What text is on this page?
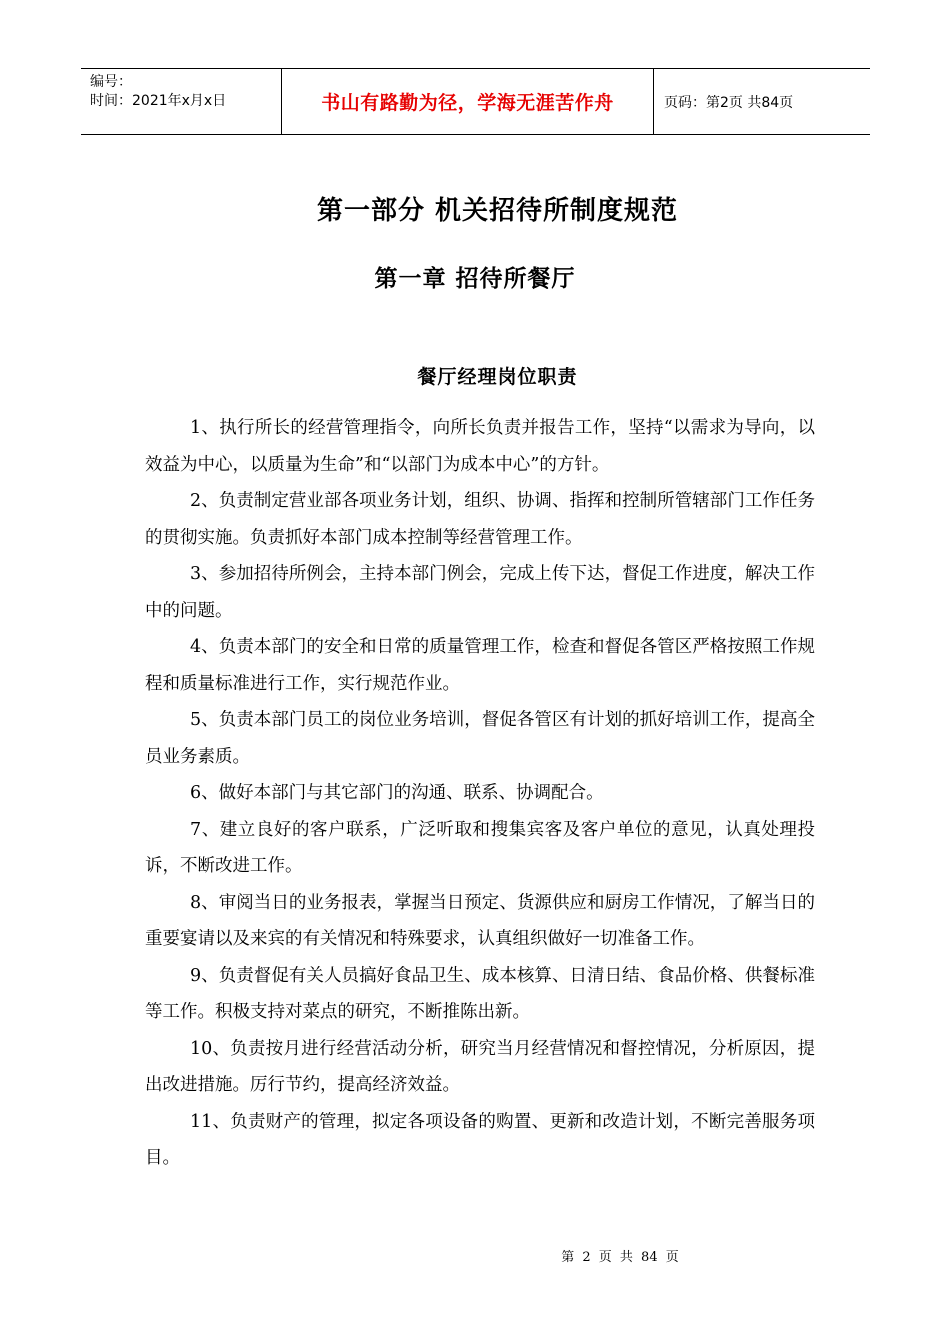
编号：
时间：2021年x月x日	书山有路勤为径，学海无涯苦作舟	页码：第2页 共84页
第一部分 机关招待所制度规范
第一章 招待所餐厅
餐厅经理岗位职责

1、执行所长的经营管理指令，向所长负责并报告工作，坚持“以需求为导向，以效益为中心，以质量为生命”和“以部门为成本中心”的方针。

2、负责制定营业部各项业务计划，组织、协调、指挥和控制所管辖部门工作任务的贯彻实施。负责抓好本部门成本控制等经营管理工作。

3、参加招待所例会，主持本部门例会，完成上传下达，督促工作进度，解决工作中的问题。

4、负责本部门的安全和日常的质量管理工作，检查和督促各管区严格按照工作规程和质量标准进行工作，实行规范作业。

5、负责本部门员工的岗位业务培训，督促各管区有计划的抓好培训工作，提高全员业务素质。

6、做好本部门与其它部门的沟通、联系、协调配合。

7、建立良好的客户联系，广泛听取和搜集宾客及客户单位的意见，认真处理投诉，不断改进工作。

8、审阅当日的业务报表，掌握当日预定、货源供应和厨房工作情况，了解当日的重要宴请以及来宾的有关情况和特殊要求，认真组织做好一切准备工作。

9、负责督促有关人员搞好食品卫生、成本核算、日清日结、食品价格、供餐标准等工作。积极支持对菜点的研究，不断推陈出新。

10、负责按月进行经营活动分析，研究当月经营情况和督控情况，分析原因，提出改进措施。厉行节约，提高经济效益。

11、负责财产的管理，拟定各项设备的购置、更新和改造计划，不断完善服务项目。

第 2 页 共 84 页
